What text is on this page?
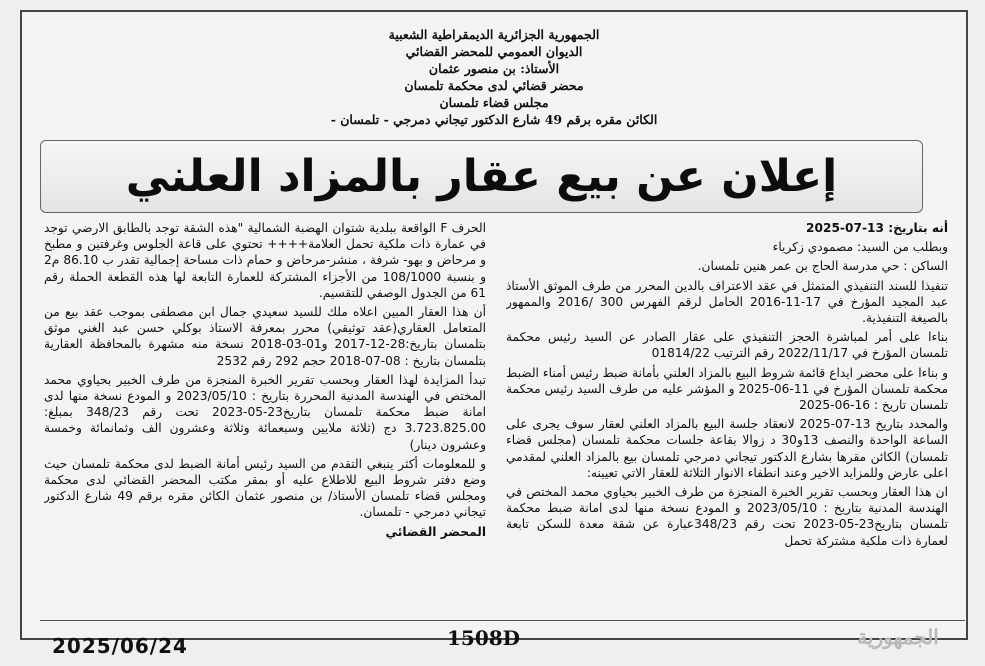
الجمهورية الجزائرية الديمقراطية الشعبية
الديوان العمومي للمحضر القضائي
الأستاذ: بن منصور عثمان
محضر قضائي لدى محكمة تلمسان
مجلس قضاء تلمسان
الكائن مقره برقم 49 شارع الدكتور تيجاني دمرجي - تلمسان -
إعلان عن بيع عقار بالمزاد العلني

أنه بتاريخ: 13-07-2025

وبطلب من السيد: مصمودي زكرياء

الساكن : حي مدرسة الحاج بن عمر هنين تلمسان.

تنفيذا للسند التنفيذي المتمثل في عقد الاعتراف بالدين المحرر من طرف الموثق الأستاذ عبد المجيد المؤرخ في 17-11-2016 الحامل لرقم الفهرس 300 /2016 والممهور بالصيغة التنفيذية.

بناءا على أمر لمباشرة الحجز التنفيذي على عقار الصادر عن السيد رئيس محكمة تلمسان المؤرخ في 2022/11/17 رقم الترتيب 01814/22

و بناءا على محضر ايداع قائمة شروط البيع بالمزاد العلني بأمانة ضبط رئيس أمناء الضبط محكمة تلمسان المؤرخ في 11-06-2025 و المؤشر عليه من طرف السيد رئيس محكمة تلمسان تاريخ : 16-06-2025

والمحدد بتاريخ 13-07-2025 لانعقاد جلسة البيع بالمزاد العلني لعقار سوف يجرى على الساعة الواحدة والنصف 13و30 د زوالا بقاعة جلسات محكمة تلمسان (مجلس قضاء تلمسان) الكائن مقرها بشارع الدكتور تيجاني دمرجي تلمسان بيع بالمزاد العلني لمقدمي اعلى عارض وللمزايد الاخير وعند انطفاء الانوار الثلاثة للعقار الاتي تعيينه:

ان هذا العقار وبحسب تقرير الخبرة المنجزة من طرف الخبير بحياوي محمد المختص في الهندسة المدنية بتاريخ : 2023/05/10 و المودع نسخة منها لدى امانة ضبط محكمة تلمسان بتاريخ23-05-2023 تحت رقم 348/23عبارة عن شقة معدة للسكن تابعة لعمارة ذات ملكية مشتركة تحمل

الحرف F الواقعة ببلدية شتوان الهضبة الشمالية "هذه الشقة توجد بالطابق الارضي توجد في عمارة ذات ملكية تحمل العلامة++++ تحتوي على قاعة الجلوس وغرفتين و مطبخ و مرحاض و بهو- شرفة ، منشر-مرحاض و حمام ذات مساحة إجمالية تقدر ب 86.10 م2 و بنسبة 108/1000 من الأجزاء المشتركة للعمارة التابعة لها هذه القطعة الحملة رقم 61 من الجدول الوصفي للتقسيم.

أن هذا العقار المبين اعلاه ملك للسيد سعيدي جمال ابن مصطفى بموجب عقد بيع من المتعامل العقاري(عقد توثيقي) محرر بمعرفة الاستاذ بوكلي حسن عبد الغني موثق بتلمسان بتاريخ:28-12-2017 و01-03-2018 نسخة منه مشهرة بالمحافظة العقارية بتلمسان بتاريخ : 08-07-2018 حجم 292 رقم 2532

تبدأ المزايدة لهذا العقار وبحسب تقرير الخبرة المنجزة من طرف الخبير بحياوي محمد المختص في الهندسة المدنية المحررة بتاريخ : 2023/05/10 و المودع نسخة منها لدى امانة ضبط محكمة تلمسان بتاريخ23-05-2023 تحت رقم 348/23 بمبلغ: 3.723.825.00 دج (ثلاثة ملايين وسبعمائة وثلاثة وعشرون الف وثمانمائة وخمسة وعشرون دينار)

و للمعلومات أكثر ينبغي التقدم من السيد رئيس أمانة الضبط لدى محكمة تلمسان حيث وضع دفتر شروط البيع للاطلاع عليه أو بمقر مكتب المحضر القضائي لدى محكمة ومجلس قضاء تلمسان الأستاذ/ بن منصور عثمان الكائن مقره برقم 49 شارع الدكتور تيجاني دمرجي - تلمسان.

المحضر القضائي

2025/06/24	1508D	الجمهورية
